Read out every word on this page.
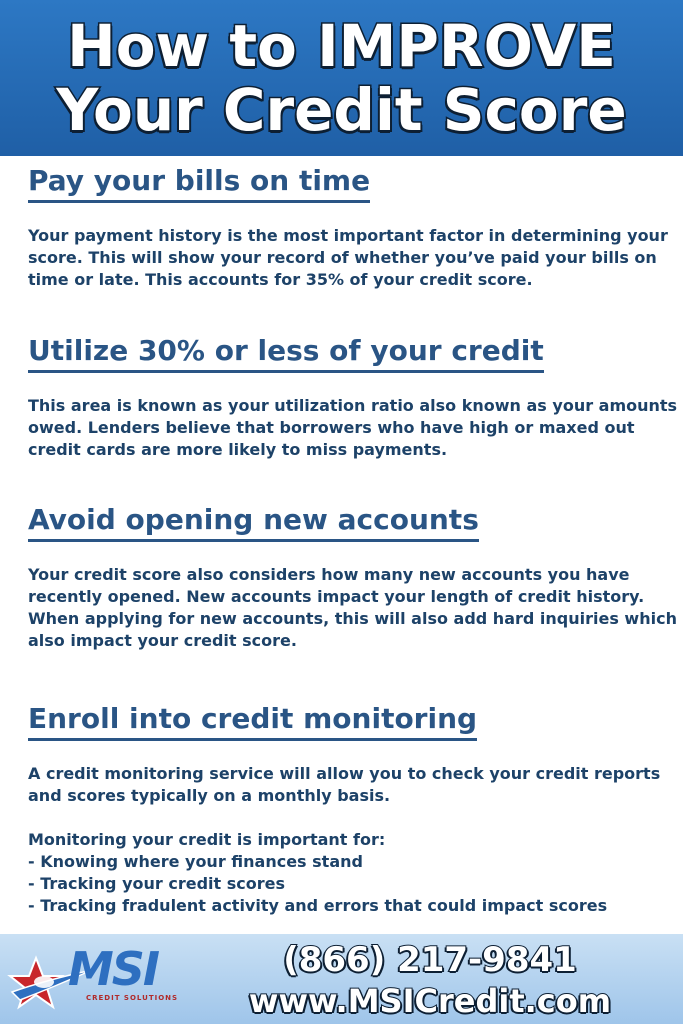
How to IMPROVE
Your Credit Score
Pay your bills on time

Your payment history is the most important factor in determining your score. This will show your record of whether you’ve paid your bills on time or late. This accounts for 35% of your credit score.

Utilize 30% or less of your credit

This area is known as your utilization ratio also known as your amounts owed. Lenders believe that borrowers who have high or maxed out credit cards are more likely to miss payments.

Avoid opening new accounts

Your credit score also considers how many new accounts you have recently opened. New accounts impact your length of credit history. When applying for new accounts, this will also add hard inquiries which also impact your credit score.

Enroll into credit monitoring

A credit monitoring service will allow you to check your credit reports and scores typically on a monthly basis.

Monitoring your credit is important for:

- Knowing where your finances stand

- Tracking your credit scores

- Tracking fradulent activity and errors that could impact scores

MSI
CREDIT SOLUTIONS
(866) 217-9841
www.MSICredit.com
